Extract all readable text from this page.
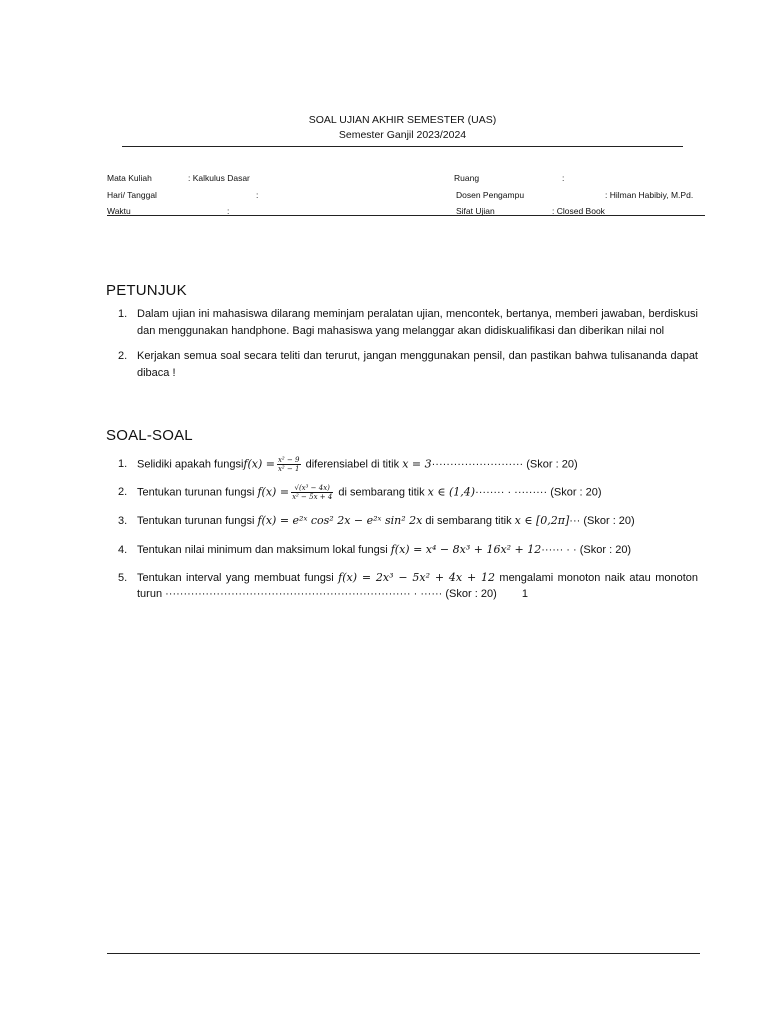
SOAL UJIAN AKHIR SEMESTER (UAS)
Semester Ganjil 2023/2024
Mata Kuliah	: Kalkulus Dasar	Ruang	:
Hari/ Tanggal	:	Dosen Pengampu	: Hilman Habibiy, M.Pd.
Waktu	:	Sifat Ujian	: Closed Book
PETUNJUK
1. Dalam ujian ini mahasiswa dilarang meminjam peralatan ujian, mencontek, bertanya, memberi jawaban, berdiskusi dan menggunakan handphone. Bagi mahasiswa yang melanggar akan didiskualifikasi dan diberikan nilai nol
2. Kerjakan semua soal secara teliti dan terurut, jangan menggunakan pensil, dan pastikan bahwa tulisananda dapat dibaca !
SOAL-SOAL
1. Selidiki apakah fungsif(x) = $\frac{\text{x² − 9}}{\text{x² − 1}}$ diferensiabel di titik x = 3························· (Skor : 20)
2. Tentukan turunan fungsi $f(x) = \frac{\text{√(x³ − 4x)}}{\text{x² − 5x + 4}}$ di sembarang titik x ∈ (1,4)········ · ········· (Skor : 20)
3. Tentukan turunan fungsi f(x) = e²ˣ cos² 2x − e²ˣ sin² 2x di sembarang titik x ∈ [0,2π]··· (Skor : 20)
4. Tentukan nilai minimum dan maksimum lokal fungsi f(x) = x⁴ − 8x³ + 16x² + 12······ · · (Skor : 20)
5. Tentukan interval yang membuat fungsi f(x) = 2x³ − 5x² + 4x + 12 mengalami monoton naik atau monoton turun ··································································· · ······ (Skor : 20) 1
